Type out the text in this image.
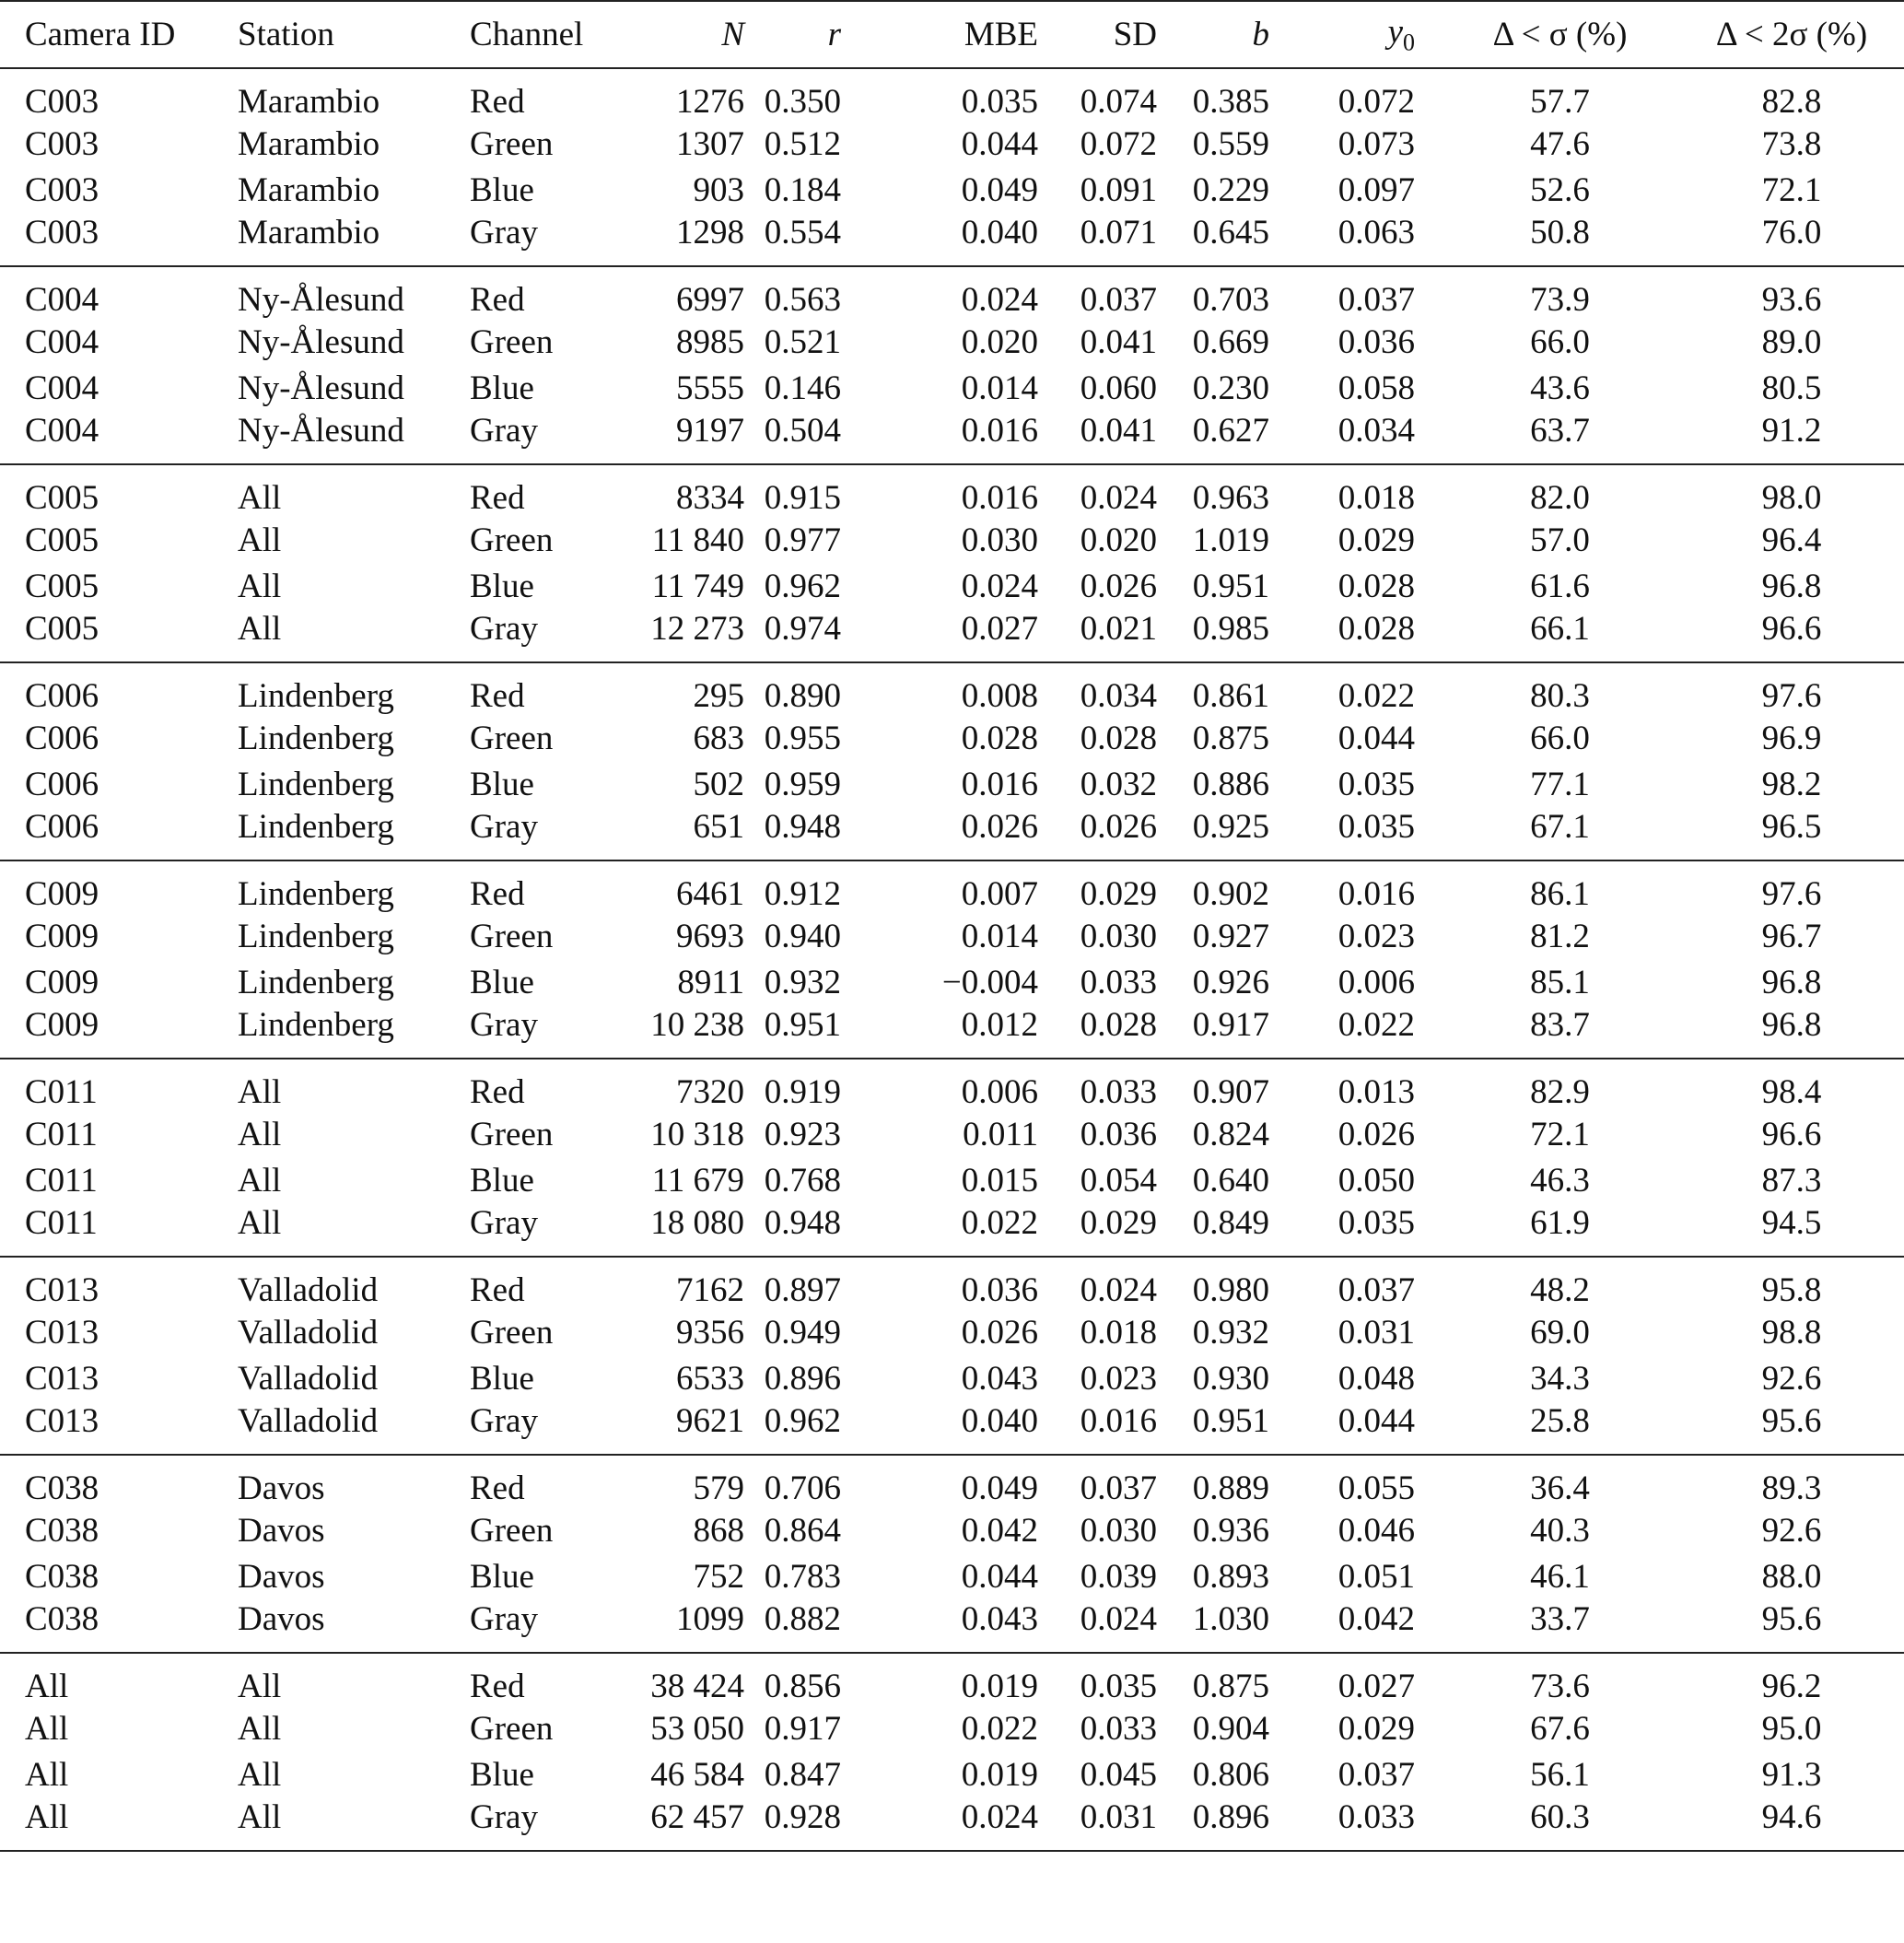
Camera ID	Station	Channel	N	r	MBE	SD	b	$y_0$	Δ < σ (%)	Δ < 2σ (%)
C003	Marambio	Red	1276	0.350	0.035	0.074	0.385	0.072	57.7	82.8
C003	Marambio	Green	1307	0.512	0.044	0.072	0.559	0.073	47.6	73.8
C003	Marambio	Blue	903	0.184	0.049	0.091	0.229	0.097	52.6	72.1
C003	Marambio	Gray	1298	0.554	0.040	0.071	0.645	0.063	50.8	76.0
C004	Ny-Ålesund	Red	6997	0.563	0.024	0.037	0.703	0.037	73.9	93.6
C004	Ny-Ålesund	Green	8985	0.521	0.020	0.041	0.669	0.036	66.0	89.0
C004	Ny-Ålesund	Blue	5555	0.146	0.014	0.060	0.230	0.058	43.6	80.5
C004	Ny-Ålesund	Gray	9197	0.504	0.016	0.041	0.627	0.034	63.7	91.2
C005	All	Red	8334	0.915	0.016	0.024	0.963	0.018	82.0	98.0
C005	All	Green	11 840	0.977	0.030	0.020	1.019	0.029	57.0	96.4
C005	All	Blue	11 749	0.962	0.024	0.026	0.951	0.028	61.6	96.8
C005	All	Gray	12 273	0.974	0.027	0.021	0.985	0.028	66.1	96.6
C006	Lindenberg	Red	295	0.890	0.008	0.034	0.861	0.022	80.3	97.6
C006	Lindenberg	Green	683	0.955	0.028	0.028	0.875	0.044	66.0	96.9
C006	Lindenberg	Blue	502	0.959	0.016	0.032	0.886	0.035	77.1	98.2
C006	Lindenberg	Gray	651	0.948	0.026	0.026	0.925	0.035	67.1	96.5
C009	Lindenberg	Red	6461	0.912	0.007	0.029	0.902	0.016	86.1	97.6
C009	Lindenberg	Green	9693	0.940	0.014	0.030	0.927	0.023	81.2	96.7
C009	Lindenberg	Blue	8911	0.932	−0.004	0.033	0.926	0.006	85.1	96.8
C009	Lindenberg	Gray	10 238	0.951	0.012	0.028	0.917	0.022	83.7	96.8
C011	All	Red	7320	0.919	0.006	0.033	0.907	0.013	82.9	98.4
C011	All	Green	10 318	0.923	0.011	0.036	0.824	0.026	72.1	96.6
C011	All	Blue	11 679	0.768	0.015	0.054	0.640	0.050	46.3	87.3
C011	All	Gray	18 080	0.948	0.022	0.029	0.849	0.035	61.9	94.5
C013	Valladolid	Red	7162	0.897	0.036	0.024	0.980	0.037	48.2	95.8
C013	Valladolid	Green	9356	0.949	0.026	0.018	0.932	0.031	69.0	98.8
C013	Valladolid	Blue	6533	0.896	0.043	0.023	0.930	0.048	34.3	92.6
C013	Valladolid	Gray	9621	0.962	0.040	0.016	0.951	0.044	25.8	95.6
C038	Davos	Red	579	0.706	0.049	0.037	0.889	0.055	36.4	89.3
C038	Davos	Green	868	0.864	0.042	0.030	0.936	0.046	40.3	92.6
C038	Davos	Blue	752	0.783	0.044	0.039	0.893	0.051	46.1	88.0
C038	Davos	Gray	1099	0.882	0.043	0.024	1.030	0.042	33.7	95.6
All	All	Red	38 424	0.856	0.019	0.035	0.875	0.027	73.6	96.2
All	All	Green	53 050	0.917	0.022	0.033	0.904	0.029	67.6	95.0
All	All	Blue	46 584	0.847	0.019	0.045	0.806	0.037	56.1	91.3
All	All	Gray	62 457	0.928	0.024	0.031	0.896	0.033	60.3	94.6
